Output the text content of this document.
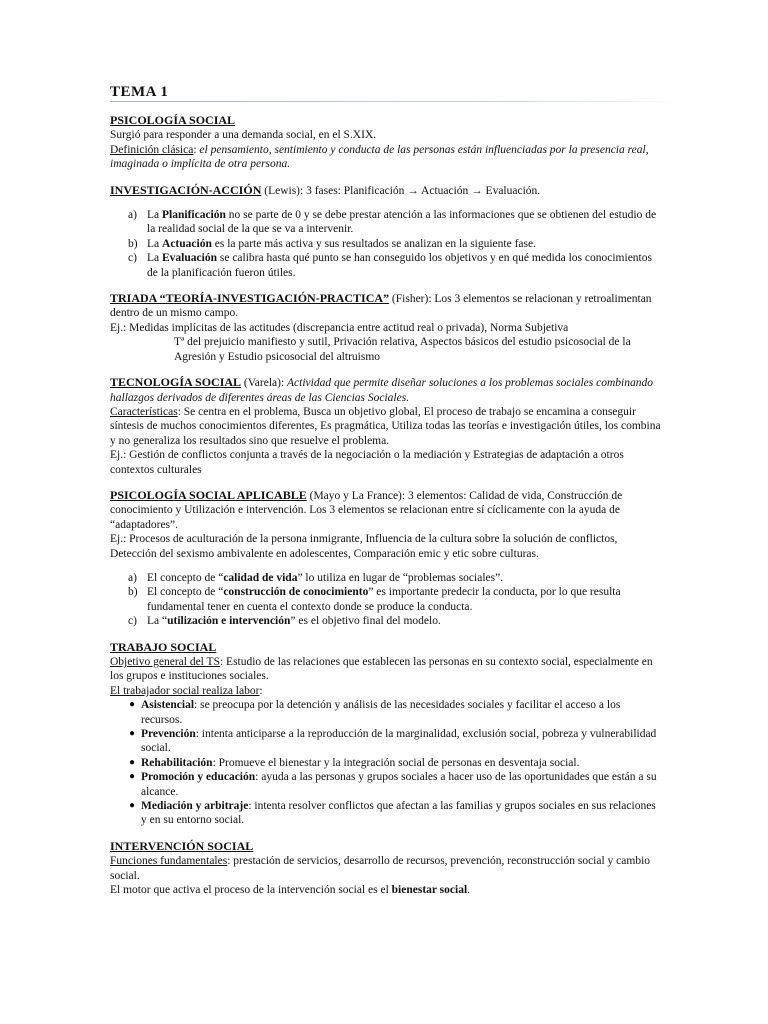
TEMA 1

PSICOLOGÍA SOCIAL

Surgió para responder a una demanda social, en el S.XIX.

Definición clásica: el pensamiento, sentimiento y conducta de las personas están influenciadas por la presencia real, imaginada o implícita de otra persona.

INVESTIGACIÓN-ACCIÓN (Lewis): 3 fases: Planificación → Actuación → Evaluación.

a) La Planificación no se parte de 0 y se debe prestar atención a las informaciones que se obtienen del estudio de la realidad social de la que se va a intervenir.
b) La Actuación es la parte más activa y sus resultados se analizan en la siguiente fase.
c) La Evaluación se calibra hasta qué punto se han conseguido los objetivos y en qué medida los conocimientos de la planificación fueron útiles.

TRIADA “TEORÍA-INVESTIGACIÓN-PRACTICA” (Fisher): Los 3 elementos se relacionan y retroalimentan dentro de un mismo campo.

Ej.: Medidas implícitas de las actitudes (discrepancia entre actitud real o privada), Norma Subjetiva

Tª del prejuicio manifiesto y sutil, Privación relativa, Aspectos básicos del estudio psicosocial de la Agresión y Estudio psicosocial del altruismo

TECNOLOGÍA SOCIAL (Varela): Actividad que permite diseñar soluciones a los problemas sociales combinando hallazgos derivados de diferentes áreas de las Ciencias Sociales.

Características: Se centra en el problema, Busca un objetivo global, El proceso de trabajo se encamina a conseguir síntesis de muchos conocimientos diferentes, Es pragmática, Utiliza todas las teorías e investigación útiles, los combina y no generaliza los resultados sino que resuelve el problema.

Ej.: Gestión de conflictos conjunta a través de la negociación o la mediación y Estrategias de adaptación a otros contextos culturales

PSICOLOGÍA SOCIAL APLICABLE (Mayo y La France): 3 elementos: Calidad de vida, Construcción de conocimiento y Utilización e intervención. Los 3 elementos se relacionan entre sí cíclicamente con la ayuda de “adaptadores”.

Ej.: Procesos de aculturación de la persona inmigrante, Influencia de la cultura sobre la solución de conflictos, Detección del sexismo ambivalente en adolescentes, Comparación emic y etic sobre culturas.

a) El concepto de “calidad de vida” lo utiliza en lugar de “problemas sociales”.
b) El concepto de “construcción de conocimiento” es importante predecir la conducta, por lo que resulta fundamental tener en cuenta el contexto donde se produce la conducta.
c) La “utilización e intervención” es el objetivo final del modelo.

TRABAJO SOCIAL

Objetivo general del TS: Estudio de las relaciones que establecen las personas en su contexto social, especialmente en los grupos e instituciones sociales.

El trabajador social realiza labor:

● Asistencial: se preocupa por la detención y análisis de las necesidades sociales y facilitar el acceso a los recursos.
● Prevención: intenta anticiparse a la reproducción de la marginalidad, exclusión social, pobreza y vulnerabilidad social.
● Rehabilitación: Promueve el bienestar y la integración social de personas en desventaja social.
● Promoción y educación: ayuda a las personas y grupos sociales a hacer uso de las oportunidades que están a su alcance.
● Mediación y arbitraje: intenta resolver conflictos que afectan a las familias y grupos sociales en sus relaciones y en su entorno social.

INTERVENCIÓN SOCIAL

Funciones fundamentales: prestación de servicios, desarrollo de recursos, prevención, reconstrucción social y cambio social.

El motor que activa el proceso de la intervención social es el bienestar social.
